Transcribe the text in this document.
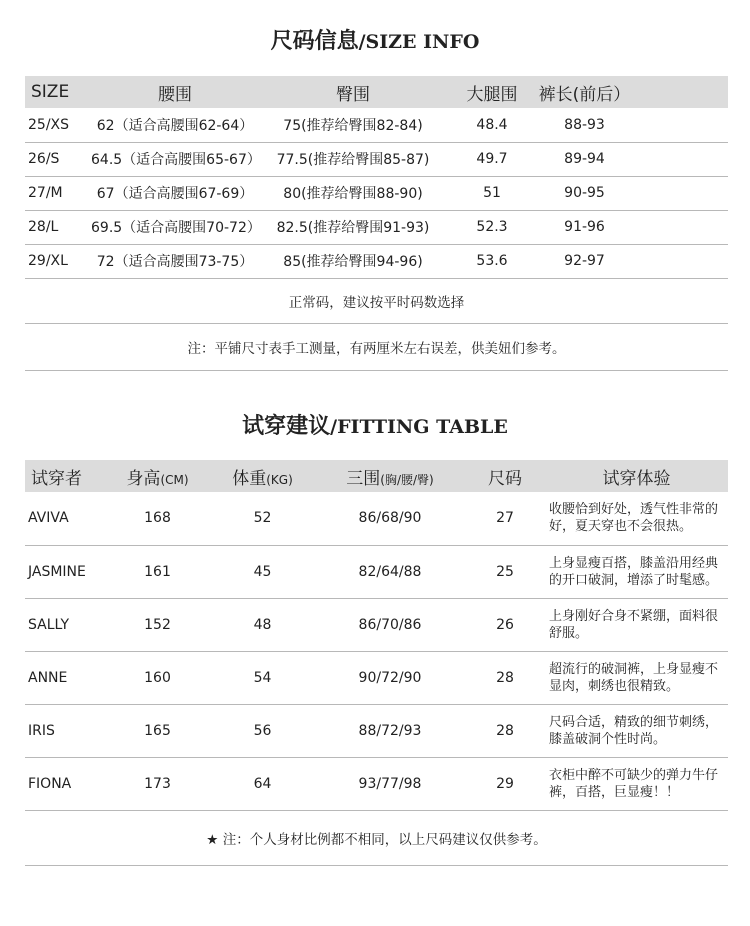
尺码信息/SIZE INFO
SIZE	腰围	臀围	大腿围	裤长(前后）	
25/XS	62（适合高腰围62-64）	75(推荐给臀围82-84)	48.4	88-93	
26/S	64.5（适合高腰围65-67）	77.5(推荐给臀围85-87)	49.7	89-94	
27/M	67（适合高腰围67-69）	80(推荐给臀围88-90)	51	90-95	
28/L	69.5（适合高腰围70-72）	82.5(推荐给臀围91-93)	52.3	91-96	
29/XL	72（适合高腰围73-75）	85(推荐给臀围94-96)	53.6	92-97	
正常码，建议按平时码数选择					
注：平铺尺寸表手工测量，有两厘米左右误差，供美妞们参考。					
试穿建议/FITTING TABLE
试穿者	身高(CM)	体重(KG)	三围(胸/腰/臀)	尺码	试穿体验
AVIVA	168	52	86/68/90	27	收腰恰到好处，透气性非常的好，夏天穿也不会很热。
JASMINE	161	45	82/64/88	25	上身显瘦百搭，膝盖沿用经典的开口破洞，增添了时髦感。
SALLY	152	48	86/70/86	26	上身刚好合身不紧绷，面料很舒服。
ANNE	160	54	90/72/90	28	超流行的破洞裤，上身显瘦不显肉，刺绣也很精致。
IRIS	165	56	88/72/93	28	尺码合适，精致的细节刺绣，膝盖破洞个性时尚。
FIONA	173	64	93/77/98	29	衣柜中醉不可缺少的弹力牛仔裤，百搭，巨显瘦！！
★ 注：个人身材比例都不相同，以上尺码建议仅供参考。					
